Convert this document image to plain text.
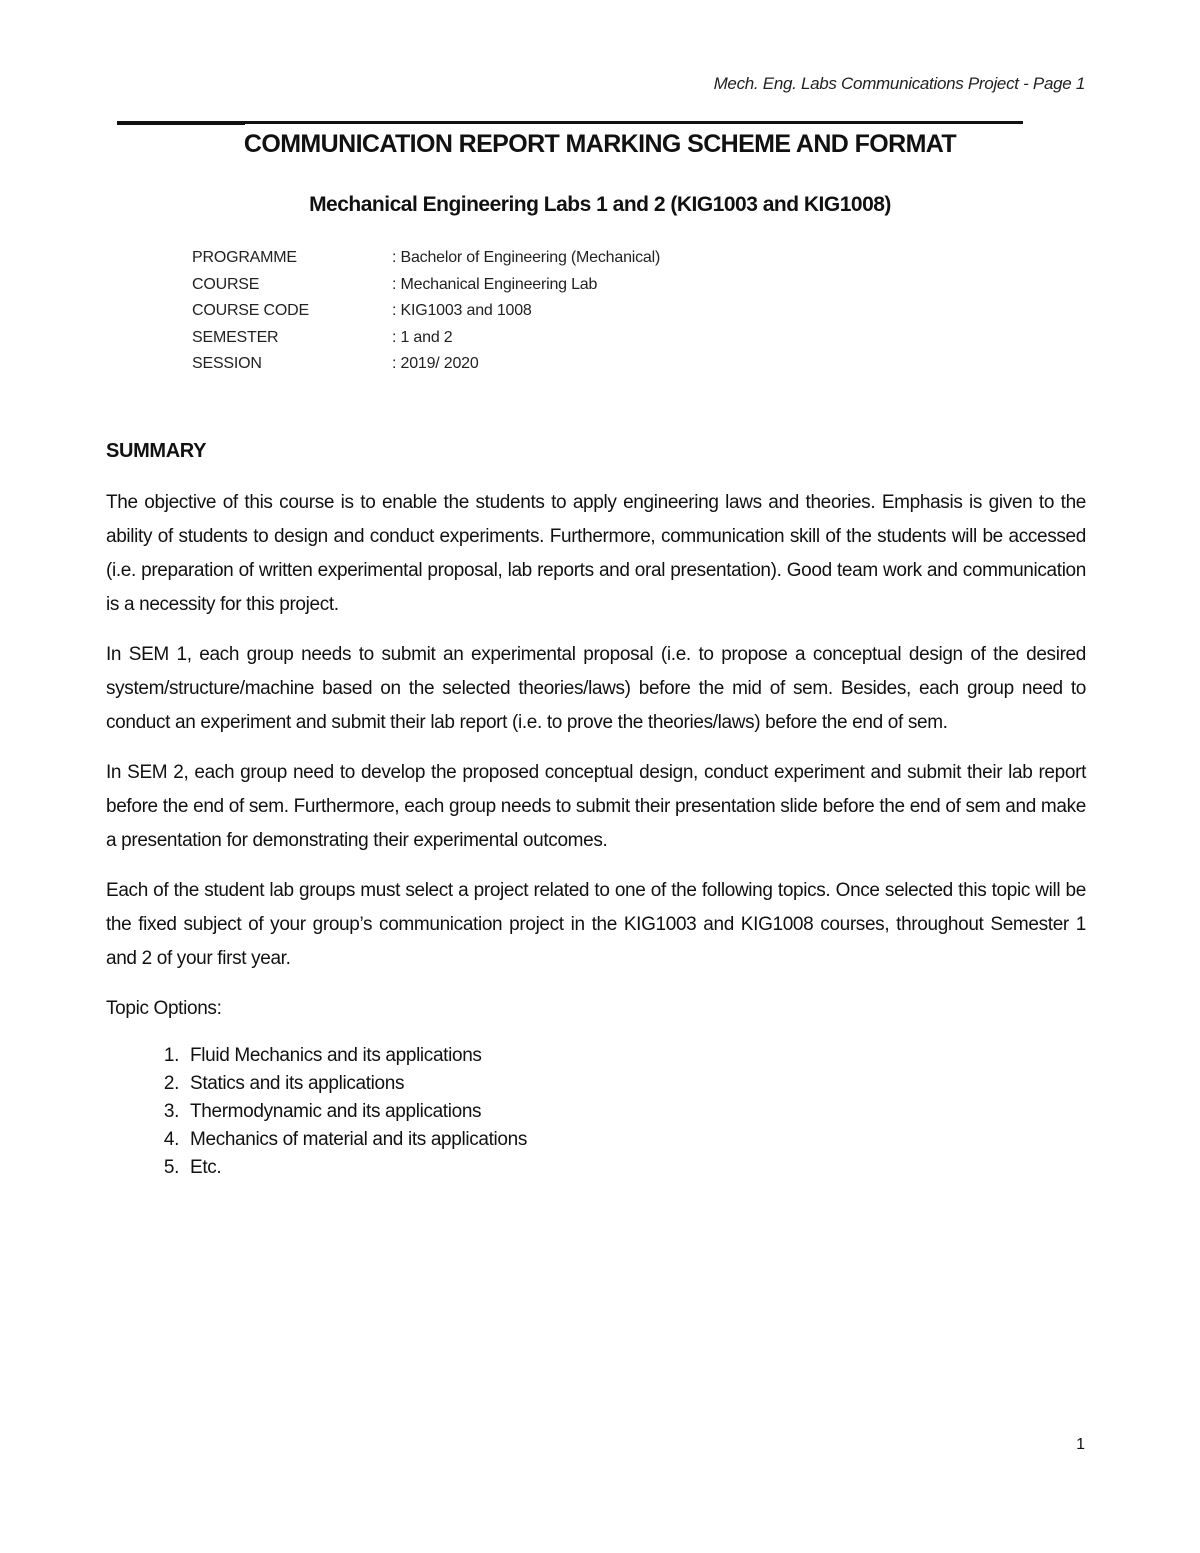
Mech. Eng. Labs Communications Project - Page 1
COMMUNICATION REPORT MARKING SCHEME AND FORMAT
Mechanical Engineering Labs 1 and 2 (KIG1003 and KIG1008)
PROGRAMME	: Bachelor of Engineering (Mechanical)
COURSE	: Mechanical Engineering Lab
COURSE CODE	: KIG1003 and 1008
SEMESTER	: 1 and 2
SESSION	: 2019/ 2020
SUMMARY

The objective of this course is to enable the students to apply engineering laws and theories. Emphasis is given to the ability of students to design and conduct experiments. Furthermore, communication skill of the students will be accessed (i.e. preparation of written experimental proposal, lab reports and oral presentation). Good team work and communication is a necessity for this project.

In SEM 1, each group needs to submit an experimental proposal (i.e. to propose a conceptual design of the desired system/structure/machine based on the selected theories/laws) before the mid of sem. Besides, each group need to conduct an experiment and submit their lab report (i.e. to prove the theories/laws) before the end of sem.

In SEM 2, each group need to develop the proposed conceptual design, conduct experiment and submit their lab report before the end of sem. Furthermore, each group needs to submit their presentation slide before the end of sem and make a presentation for demonstrating their experimental outcomes.

Each of the student lab groups must select a project related to one of the following topics. Once selected this topic will be the fixed subject of your group’s communication project in the KIG1003 and KIG1008 courses, throughout Semester 1 and 2 of your first year.

Topic Options:

1. Fluid Mechanics and its applications
2. Statics and its applications
3. Thermodynamic and its applications
4. Mechanics of material and its applications
5. Etc.
1
